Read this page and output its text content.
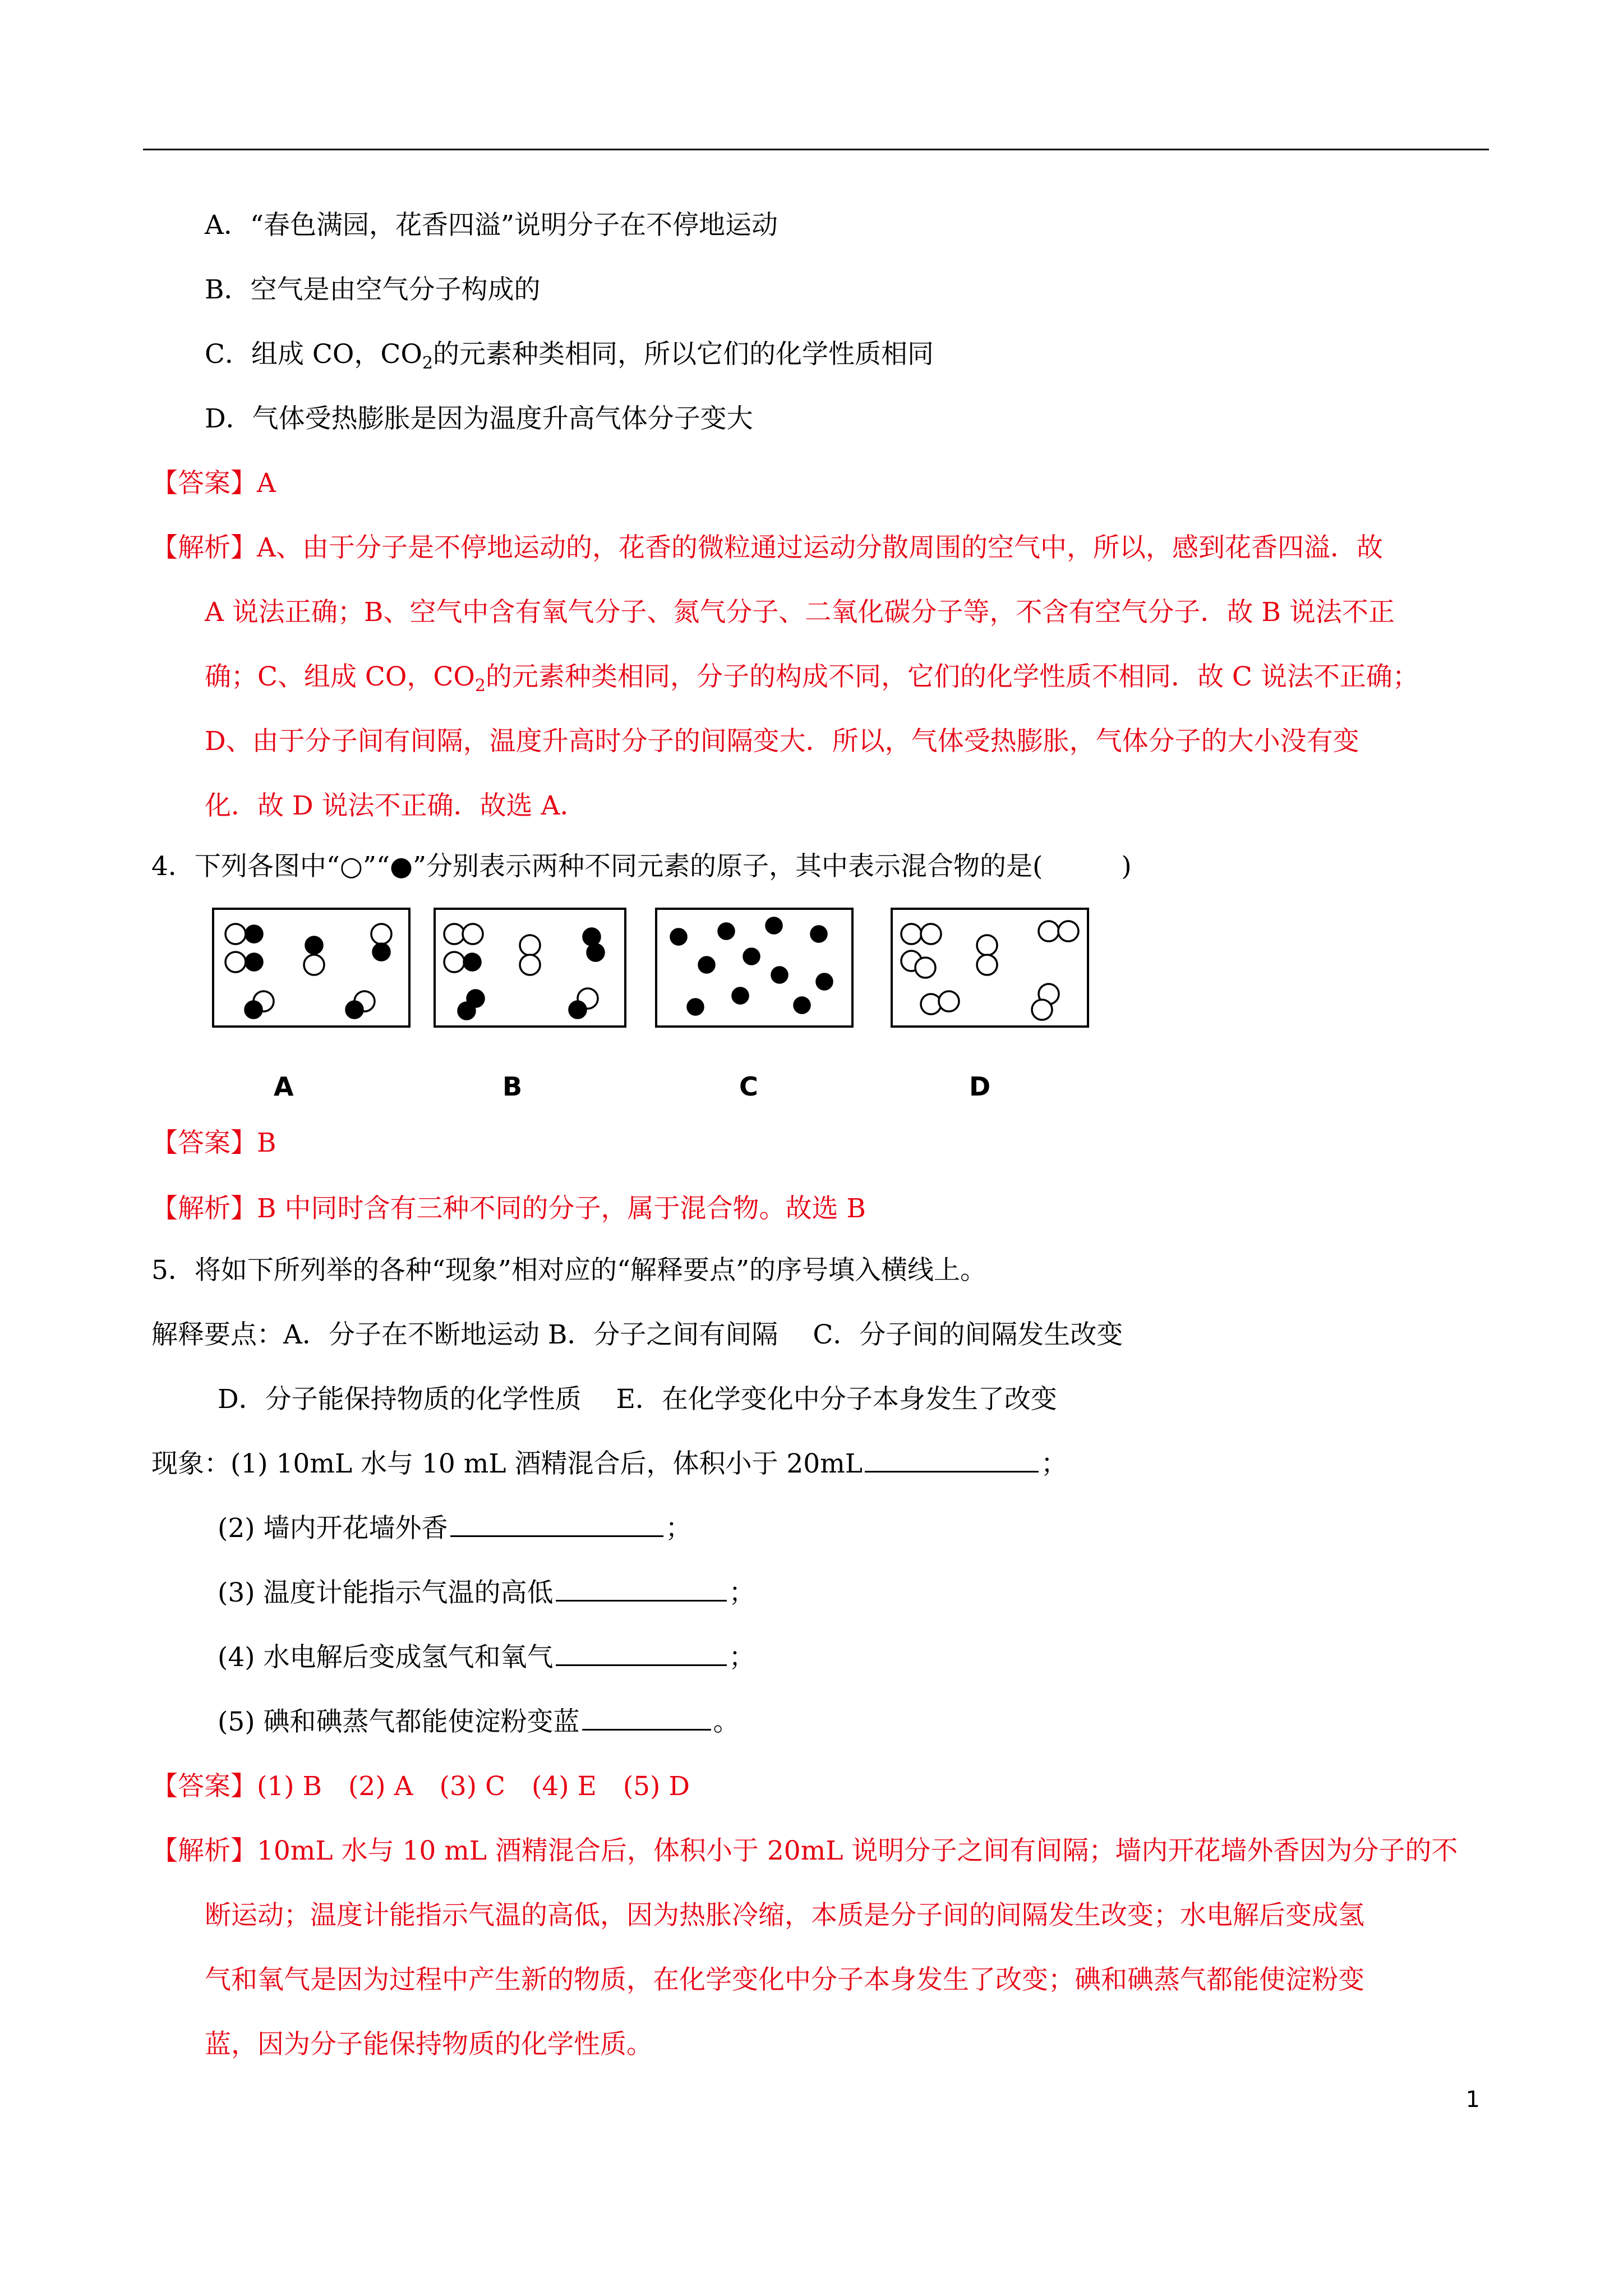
A．“春色满园，花香四溢”说明分子在不停地运动
B．空气是由空气分子构成的
C．组成 CO，$CO_2$的元素种类相同，所以它们的化学性质相同
D．气体受热膨胀是因为温度升高气体分子变大
【答案】A
【解析】A、由于分子是不停地运动的，花香的微粒通过运动分散周围的空气中，所以，感到花香四溢．故
A 说法正确；B、空气中含有氧气分子、氮气分子、二氧化碳分子等，不含有空气分子．故 B 说法不正
确；C、组成 CO，$CO_2$的元素种类相同，分子的构成不同，它们的化学性质不相同．故 C 说法不正确；
D、由于分子间有间隔，温度升高时分子的间隔变大．所以，气体受热膨胀，气体分子的大小没有变
化．故 D 说法不正确．故选 A．
4．下列各图中“○”“●”分别表示两种不同元素的原子，其中表示混合物的是(	)
A	B	C	D
【答案】B
【解析】B 中同时含有三种不同的分子，属于混合物。故选 B
5．将如下所列举的各种“现象”相对应的“解释要点”的序号填入横线上。
解释要点：A．分子在不断地运动 B．分子之间有间隔　 C．分子间的间隔发生改变
D．分子能保持物质的化学性质　 E．在化学变化中分子本身发生了改变
现象：(1) 10mL 水与 10 mL 酒精混合后，体积小于 20mL	；
(2) 墙内开花墙外香	；
(3) 温度计能指示气温的高低	；
(4) 水电解后变成氢气和氧气	；
(5) 碘和碘蒸气都能使淀粉变蓝	。
【答案】(1) B　(2) A　(3) C　(4) E　(5) D
【解析】10mL 水与 10 mL 酒精混合后，体积小于 20mL 说明分子之间有间隔；墙内开花墙外香因为分子的不
断运动；温度计能指示气温的高低，因为热胀冷缩，本质是分子间的间隔发生改变；水电解后变成氢
气和氧气是因为过程中产生新的物质，在化学变化中分子本身发生了改变；碘和碘蒸气都能使淀粉变
蓝，因为分子能保持物质的化学性质。
1
